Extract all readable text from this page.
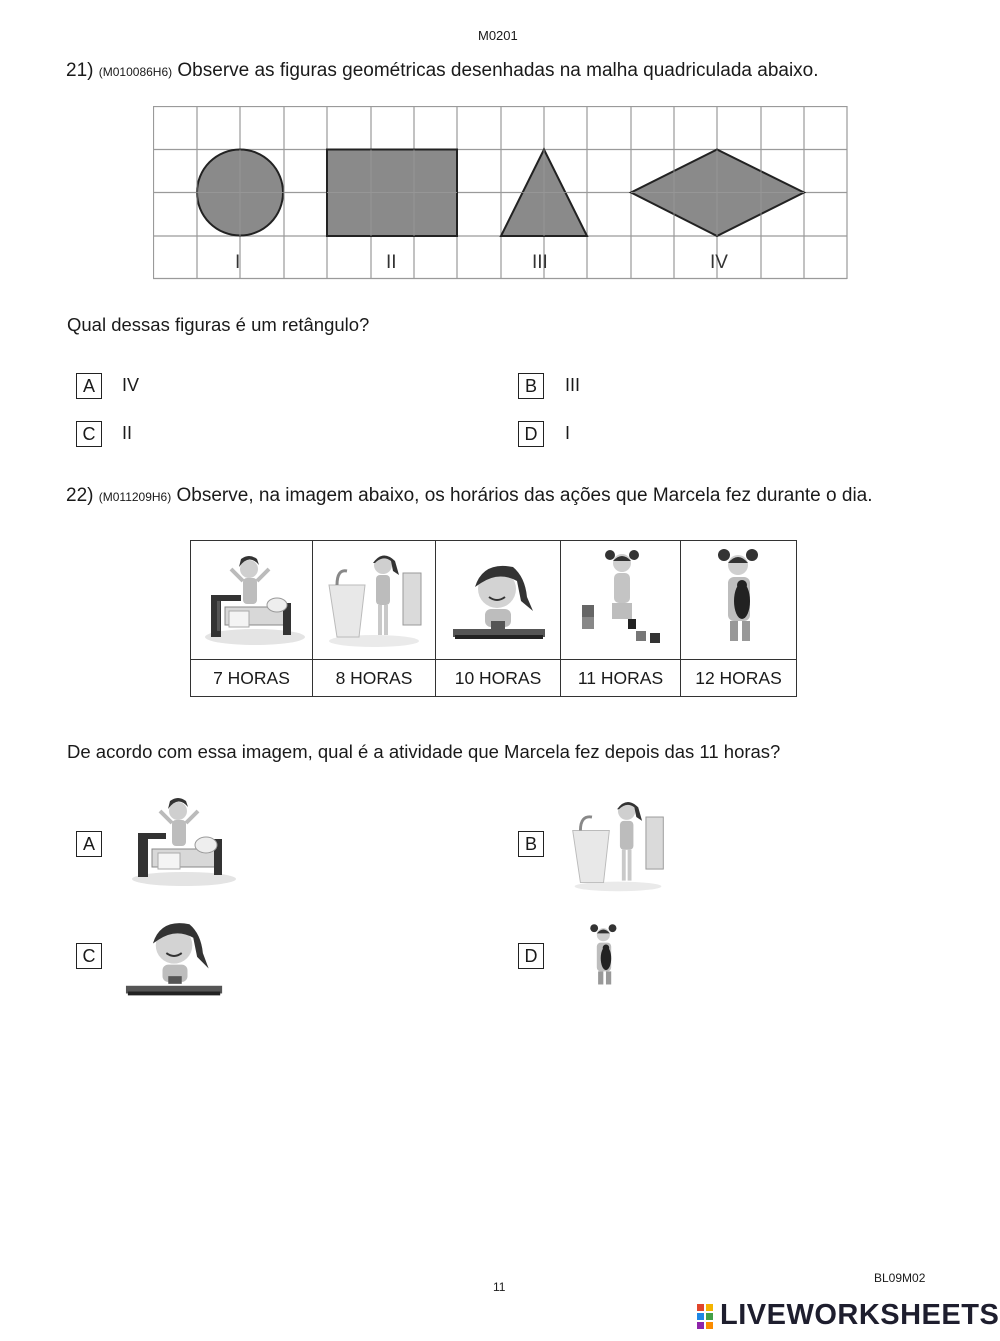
M0201
21) (M010086H6) Observe as figuras geométricas desenhadas na malha quadriculada abaixo.
I	II	III	IV
Qual dessas figuras é um retângulo?
A	IV	B	III
C	II	D	I
22) (M011209H6) Observe, na imagem abaixo, os horários das ações que Marcela fez durante o dia.

7 HORAS	8 HORAS	10 HORAS	11 HORAS	12 HORAS
De acordo com essa imagem, qual é a atividade que Marcela fez depois das 11 horas?
A	B
C	D
11
BL09M02
LIVEWORKSHEETS
